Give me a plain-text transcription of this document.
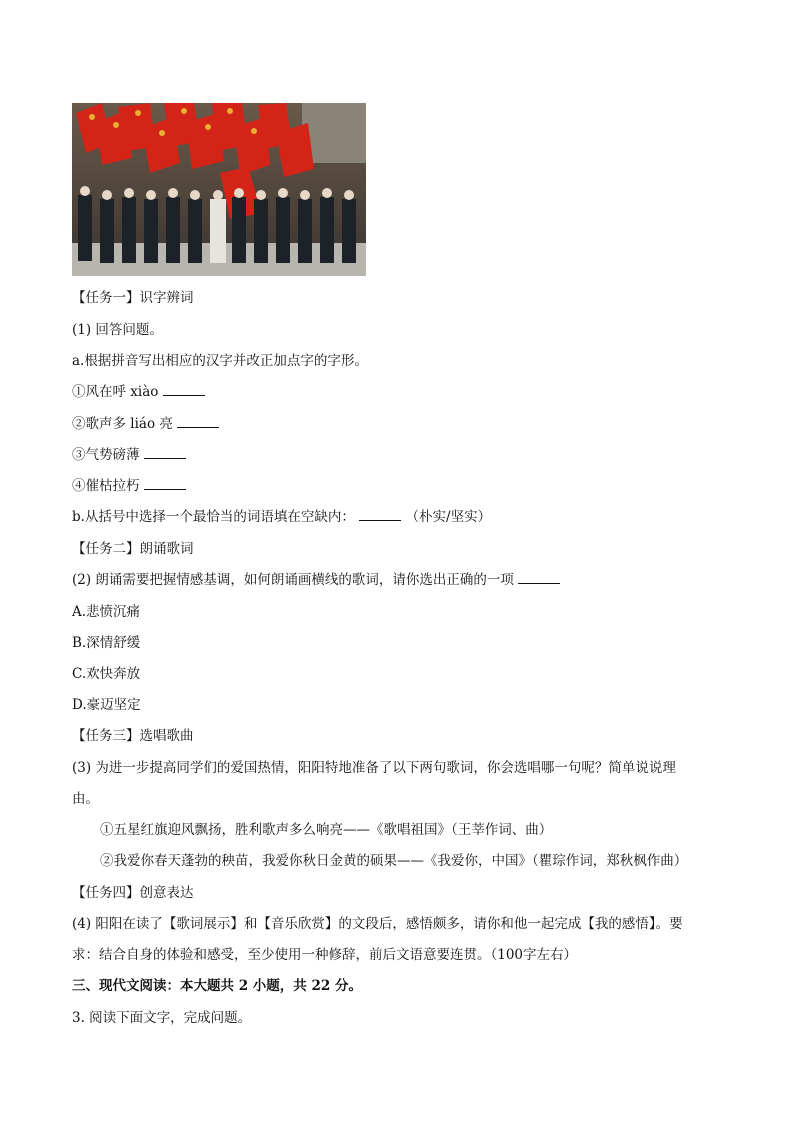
【任务一】识字辨词
(1) 回答问题。
a.根据拼音写出相应的汉字并改正加点字的字形。
①风在呼 xiào
②歌声多 liáo 亮
③气势磅薄
④催枯拉朽
b.从括号中选择一个最恰当的词语填在空缺内：	（朴实/坚实）
【任务二】朗诵歌词
(2) 朗诵需要把握情感基调，如何朗诵画横线的歌词，请你选出正确的一项
A.悲愤沉痛
B.深情舒缓
C.欢快奔放
D.豪迈坚定
【任务三】选唱歌曲
(3) 为进一步提高同学们的爱国热情，阳阳特地准备了以下两句歌词，你会选唱哪一句呢？简单说说理
由。
①五星红旗迎风飘扬，胜利歌声多么响亮——《歌唱祖国》（王莘作词、曲）
②我爱你春天蓬勃的秧苗，我爱你秋日金黄的硕果——《我爱你，中国》（瞿琮作词，郑秋枫作曲）
【任务四】创意表达
(4) 阳阳在读了【歌词展示】和【音乐欣赏】的文段后，感悟颇多，请你和他一起完成【我的感悟】。要
求：结合自身的体验和感受，至少使用一种修辞，前后文语意要连贯。（100字左右）
三、现代文阅读：本大题共 2 小题，共 22 分。
3. 阅读下面文字，完成问题。
